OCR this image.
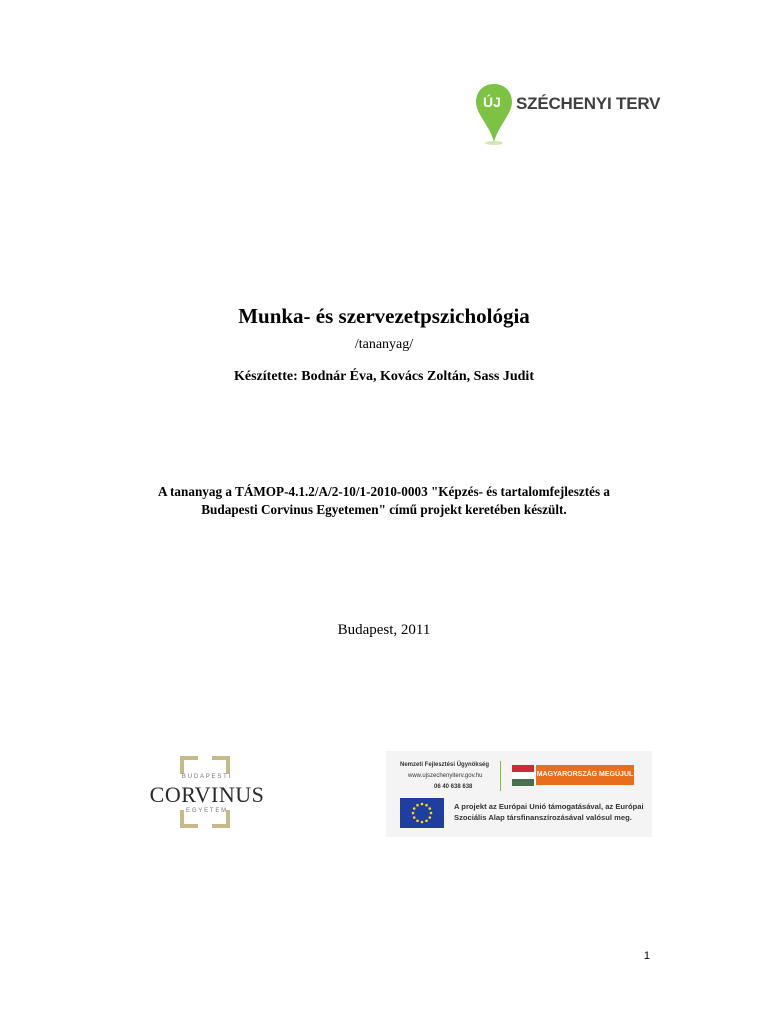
ÚJ SZÉCHENYI TERV
Munka- és szervezetpszichológia
/tananyag/
Készítette: Bodnár Éva, Kovács Zoltán, Sass Judit
A tananyag a TÁMOP-4.1.2/A/2-10/1-2010-0003 "Képzés- és tartalomfejlesztés a
Budapesti Corvinus Egyetemen" című projekt keretében készült.
Budapest, 2011
BUDAPESTI
CORVINUS
EGYETEM
Nemzeti Fejlesztési Ügynökség
www.ujszechenyiterv.gov.hu
06 40 638 638
MAGYARORSZÁG MEGÚJUL
A projekt az Európai Unió támogatásával, az Európai
Szociális Alap társfinanszírozásával valósul meg.
1
